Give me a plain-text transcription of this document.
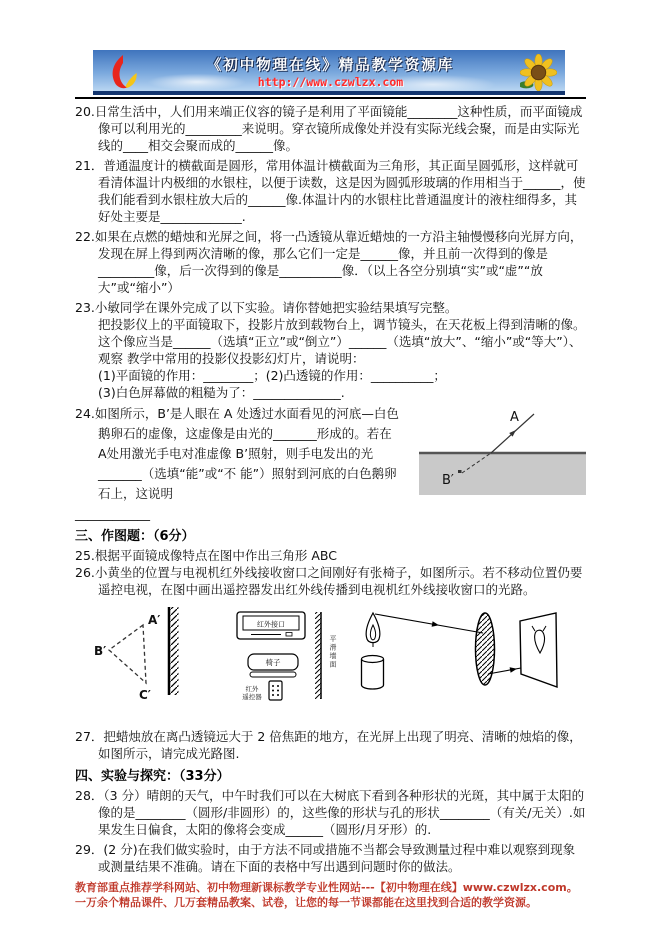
《初中物理在线》精品教学资源库
http://www.czwlzx.com

20.日常生活中，人们用来端正仪容的镜子是利用了平面镜能________这种性质，而平面镜成像可以利用光的_________来说明。穿衣镜所成像处并没有实际光线会聚，而是由实际光线的____相交会聚而成的______像。

21．普通温度计的横截面是圆形，常用体温计横截面为三角形，其正面呈圆弧形，这样就可看清体温计内极细的水银柱，以便于读数，这是因为圆弧形玻璃的作用相当于______，使我们能看到水银柱放大后的______像.体温计内的水银柱比普通温度计的液柱细得多，其好处主要是_____________.

22.如果在点燃的蜡烛和光屏之间，将一凸透镜从靠近蜡烛的一方沿主轴慢慢移向光屏方向，发现在屏上得到两次清晰的像，那么它们一定是______像，并且前一次得到的像是_________像，后一次得到的像是__________像．（以上各空分别填“实”或“虚”“放大”或“缩小”）

23.小敏同学在课外完成了以下实验。请你替她把实验结果填写完整。

把投影仪上的平面镜取下，投影片放到载物台上，调节镜头，在天花板上得到清晰的像。这个像应当是______（选填“正立”或“倒立”）______（选填“放大”、“缩小”或“等大”）、

观察 教学中常用的投影仪投影幻灯片，请说明：

(1)平面镜的作用：________；(2)凸透镜的作用：__________；

(3)白色屏幕做的粗糙为了：______________.

A
B′

24.如图所示，B’是人眼在 A 处透过水面看见的河底—白色鹅卵石的虚像，这虚像是由光的_______形成的。若在 A处用激光手电对准虚像 B’照射，则手电发出的光_______（选填“能”或“不 能”）照射到河底的白色鹅卵石上，这说明

____________

三、作图题：（6分）

25.根据平面镜成像特点在图中作出三角形 ABC

26.小黄坐的位置与电视机红外线接收窗口之间刚好有张椅子，如图所示。若不移动位置仍要遥控电视，在图中画出遥控器发出红外线传播到电视机红外线接收窗口的光路。

A′
B′
C′
红外接口
椅子
红外
遥控器
平滑墙面

27．把蜡烛放在离凸透镜远大于 2 倍焦距的地方，在光屏上出现了明亮、清晰的烛焰的像，如图所示，请完成光路图.

四、实验与探究：（33分）

28．（3 分）晴朗的天气，中午时我们可以在大树底下看到各种形状的光斑，其中属于太阳的像的是________（圆形/非圆形）的，这些像的形状与孔的形状________（有关/无关）.如果发生日偏食，太阳的像将会变成______（圆形/月牙形）的.

29．(2 分)在我们做实验时，由于方法不同或措施不当都会导致测量过程中难以观察到现象或测量结果不准确。请在下面的表格中写出遇到问题时你的做法。

教育部重点推荐学科网站、初中物理新课标教学专业性网站---【初中物理在线】www.czwlzx.com。一万余个精品课件、几万套精品教案、试卷，让您的每一节课都能在这里找到合适的教学资源。
